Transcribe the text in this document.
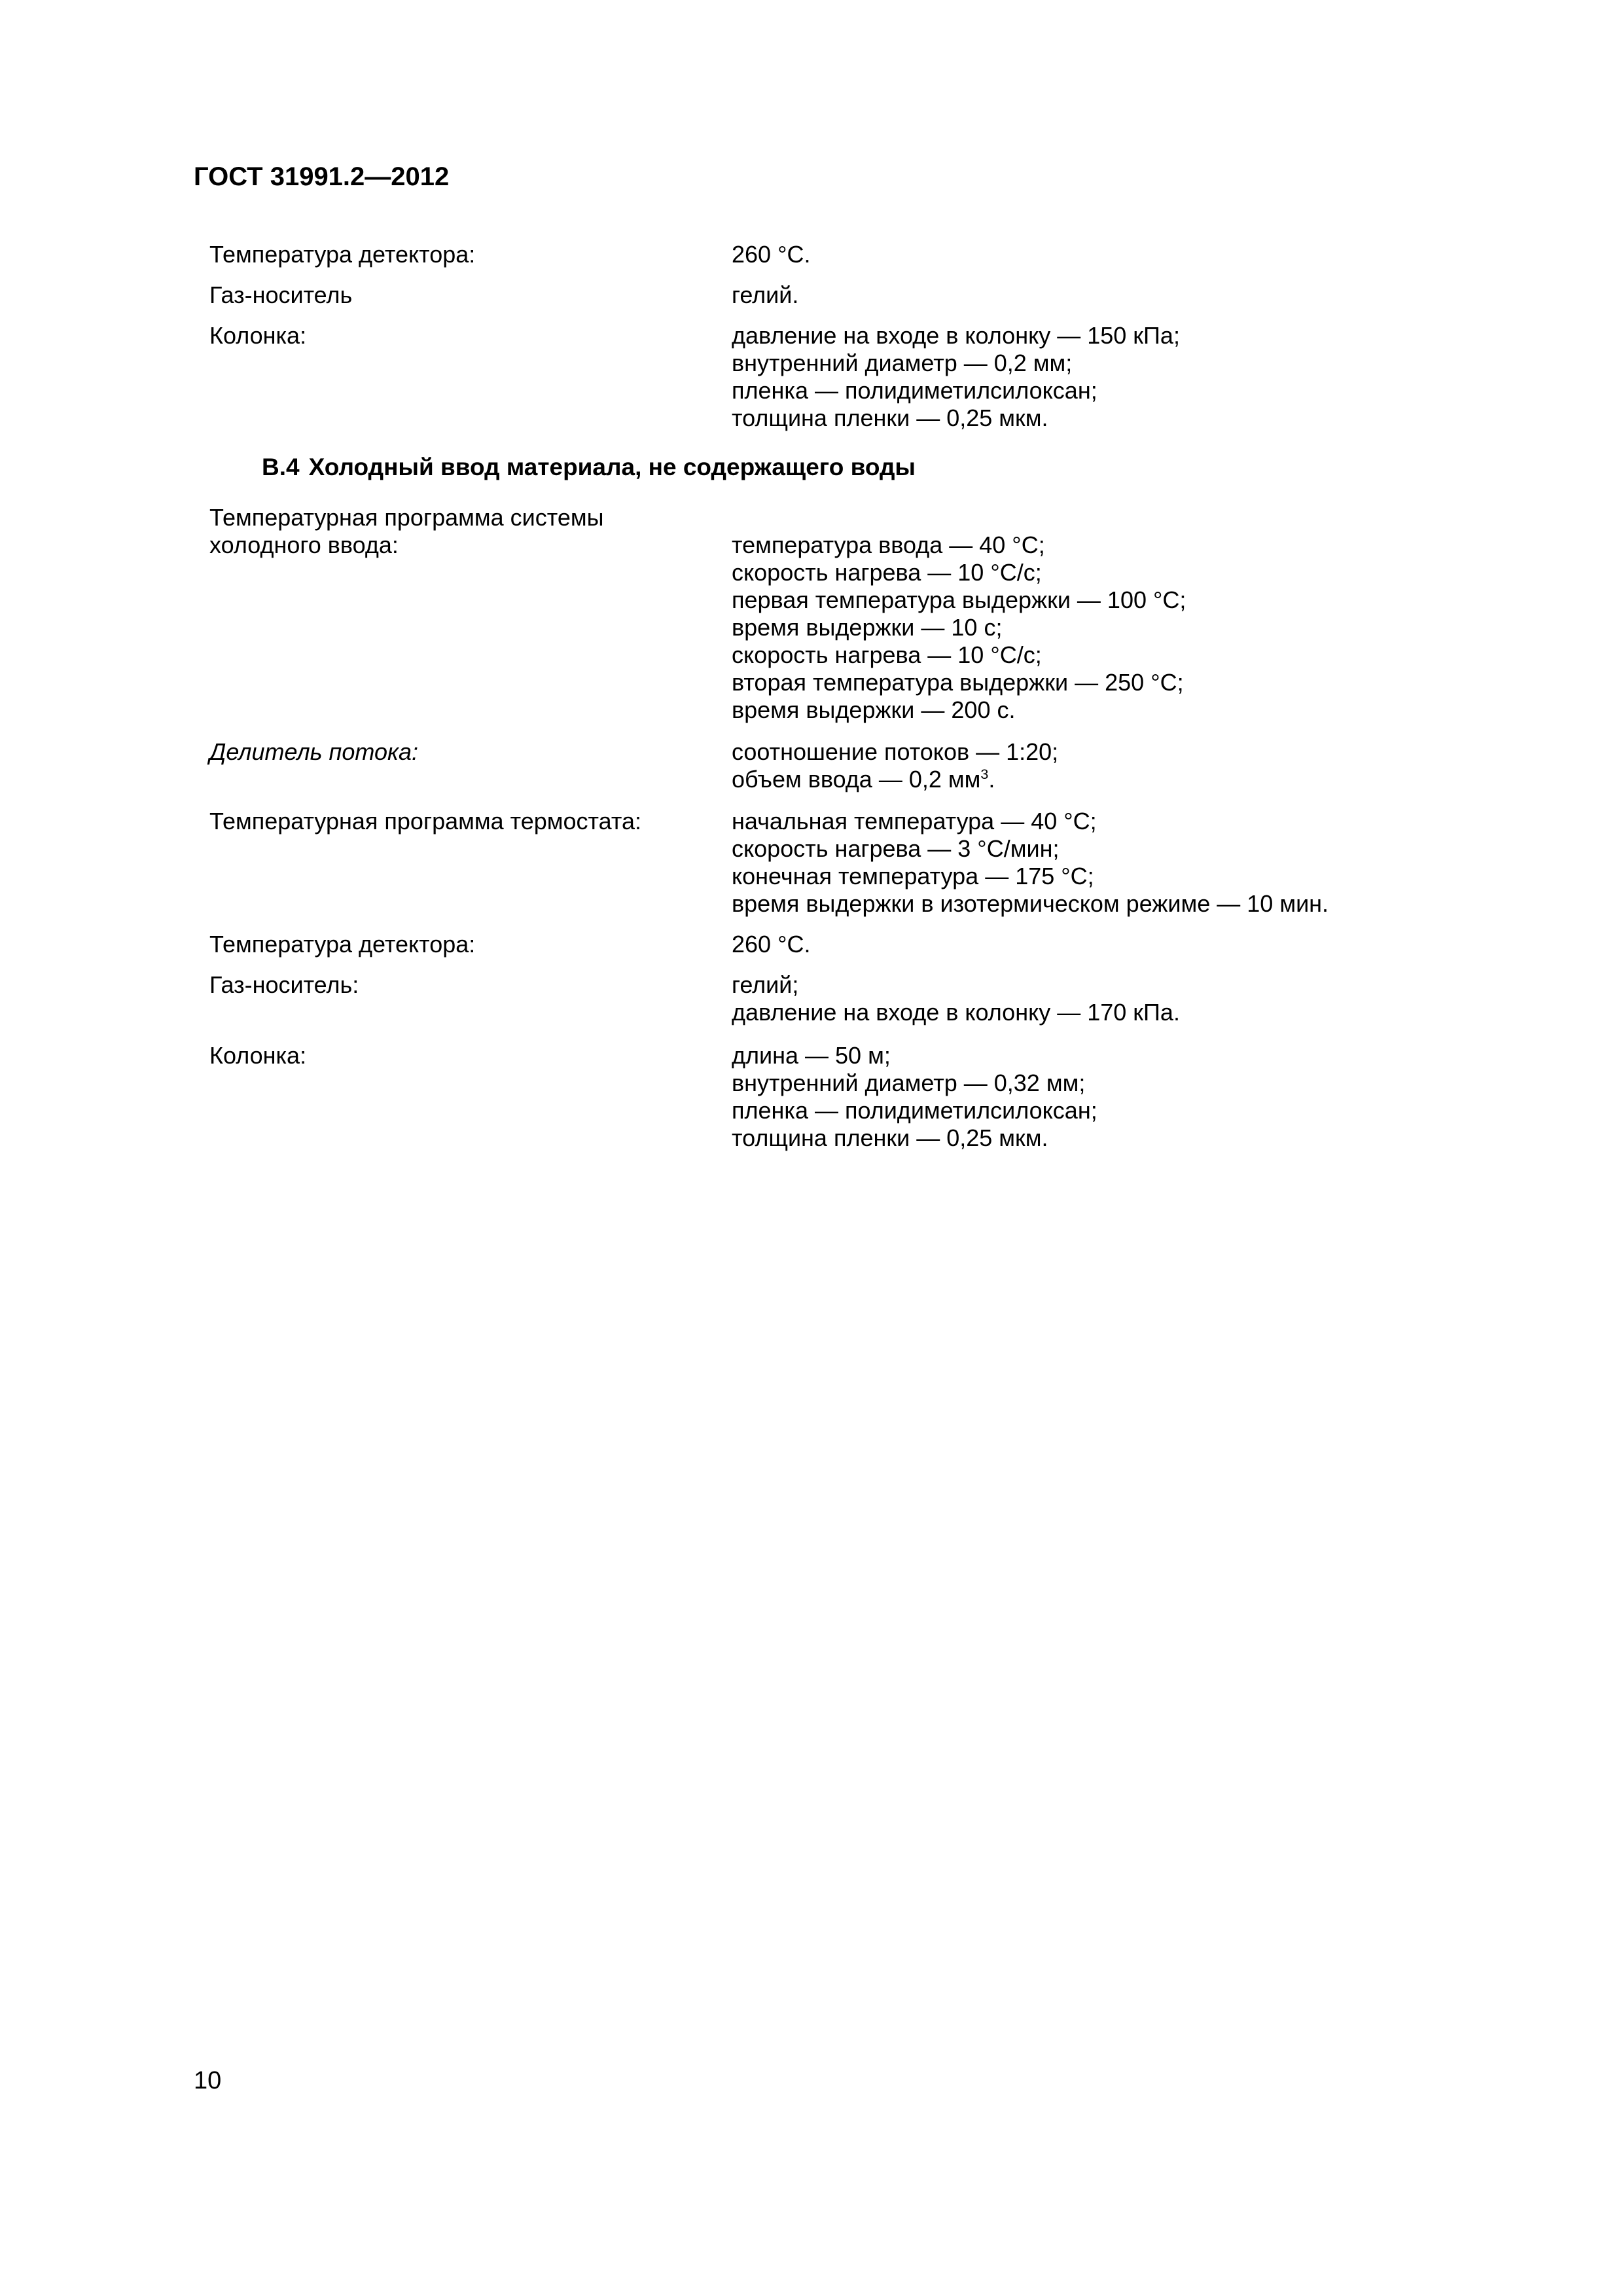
ГОСТ 31991.2—2012
Температура детектора:	260 °С.
Газ-носитель	гелий.
Колонка:	давление на входе в колонку — 150 кПа;
внутренний диаметр — 0,2 мм;
пленка — полидиметилсилоксан;
толщина пленки — 0,25 мкм.
В.4 Холодный ввод материала, не содержащего воды
Температурная программа системы
холодного ввода:	температура ввода — 40 °С;
скорость нагрева — 10 °С/с;
первая температура выдержки — 100 °С;
время выдержки — 10 с;
скорость нагрева — 10 °С/с;
вторая температура выдержки — 250 °С;
время выдержки — 200 с.
Делитель потока:	соотношение потоков — 1:20;
объем ввода — 0,2 $мм^3$.
Температурная программа термостата:	начальная температура — 40 °С;
скорость нагрева — 3 °С/мин;
конечная температура — 175 °С;
время выдержки в изотермическом режиме — 10 мин.
Температура детектора:	260 °С.
Газ-носитель:	гелий;
давление на входе в колонку — 170 кПа.
Колонка:	длина — 50 м;
внутренний диаметр — 0,32 мм;
пленка — полидиметилсилоксан;
толщина пленки — 0,25 мкм.
10
